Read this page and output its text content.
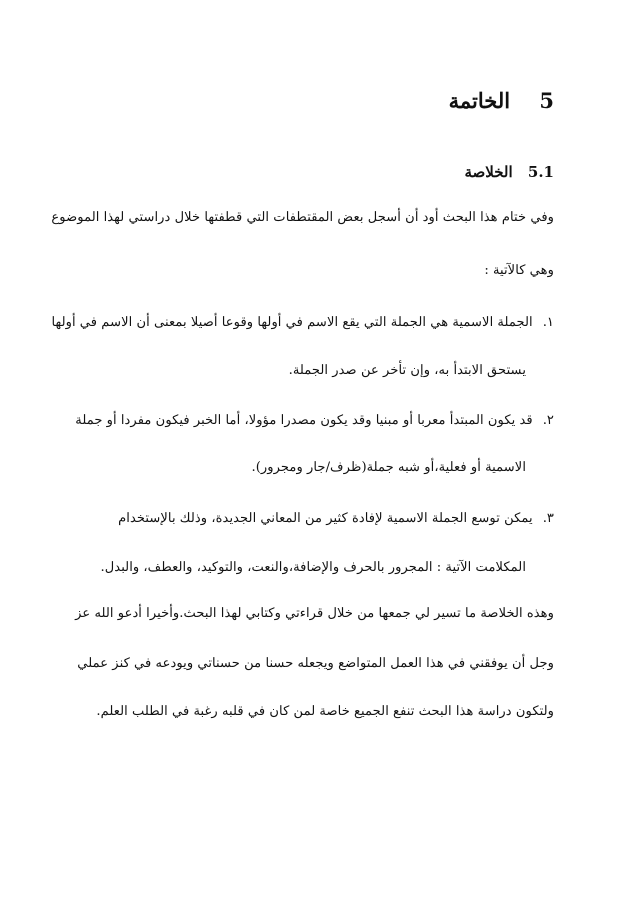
5 الخاتمة
5.1 الخلاصة
وفي ختام هذا البحث أود أن أسجل بعض المقتطفات التي قطفتها خلال دراستي لهذا الموضوع
وهي كالآتية :
١.الجملة الاسمية هي الجملة التي يقع الاسم في أولها وقوعا أصيلا بمعنى أن الاسم في أولها
يستحق الابتدأ به، وإن تأخر عن صدر الجملة.
٢.قد يكون المبتدأ معربا أو مبنيا وقد يكون مصدرا مؤولا، أما الخبر فيكون مفردا أو جملة
الاسمية أو فعلية،أو شبه جملة(ظرف/جار ومجرور).
٣.يمكن توسع الجملة الاسمية لإفادة كثير من المعاني الجديدة، وذلك بالإستخدام
المكلامت الآتية : المجرور بالحرف والإضافة،والنعت، والتوكيد، والعطف، والبدل.
وهذه الخلاصة ما تسير لي جمعها من خلال قراءتي وكتابي لهذا البحث.وأخيرا أدعو الله عز
وجل أن يوفقني في هذا العمل المتواضع ويجعله حسنا من حسناتي ويودعه في كنز عملي
ولتكون دراسة هذا البحث تنفع الجميع خاصة لمن كان في قلبه رغبة في الطلب العلم.
